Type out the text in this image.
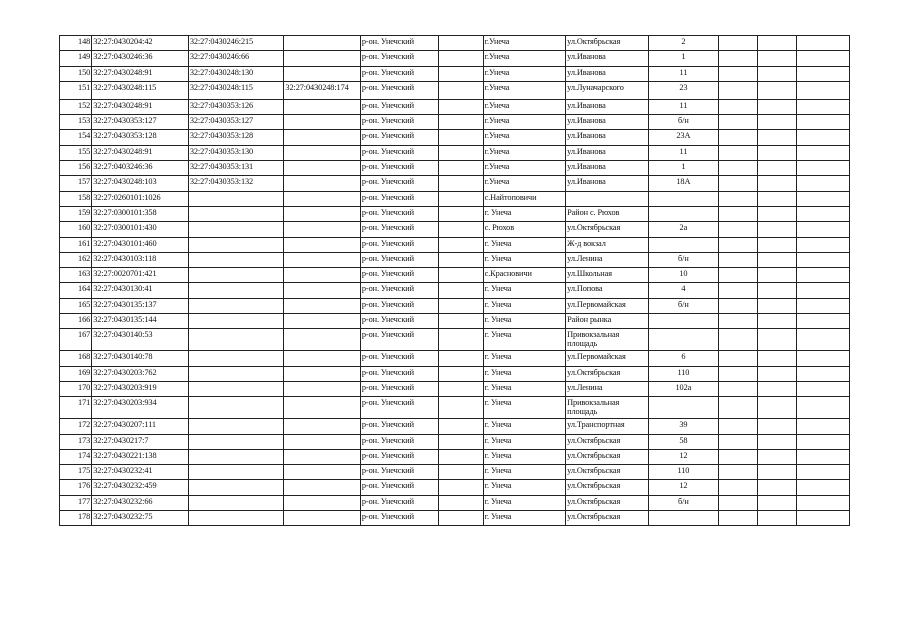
148	32:27:0430204:42	32:27:0430246:215		р-он. Унечский		г.Унеча	ул.Октябрьская	2			
149	32:27:0430246:36	32:27:0430246:66		р-он. Унечский		г.Унеча	ул.Иванова	1			
150	32:27:0430248:91	32:27:0430248:130		р-он. Унечский		г.Унеча	ул.Иванова	11			
151	32:27:0430248:115	32:27:0430248:115	32:27:0430248:174	р-он. Унечский		г.Унеча	ул.Луначарского	23			
152	32:27:0430248:91	32:27:0430353:126		р-он. Унечский		г.Унеча	ул.Иванова	11			
153	32:27:0430353:127	32:27:0430353:127		р-он. Унечский		г.Унеча	ул.Иванова	б/н			
154	32:27:0430353:128	32:27:0430353:128		р-он. Унечский		г.Унеча	ул.Иванова	23А			
155	32:27:0430248:91	32:27:0430353:130		р-он. Унечский		г.Унеча	ул.Иванова	11			
156	32:27:0403246:36	32:27:0430353:131		р-он. Унечский		г.Унеча	ул.Иванова	1			
157	32:27:0430248:103	32:27:0430353:132		р-он. Унечский		г.Унеча	ул.Иванова	18А			
158	32:27:0260101:1026			р-он. Унечский		с.Найтоповичи					
159	32:27:0300101:358			р-он. Унечский		г. Унеча	Район с. Рюхов				
160	32:27:0300101:430			р-он. Унечский		с. Рюхов	ул.Октябрьская	2а			
161	32:27:0430101:460			р-он. Унечский		г. Унеча	Ж-д вокзал				
162	32:27:0430103:118			р-он. Унечский		г. Унеча	ул.Ленина	б/н			
163	32:27:0020701:421			р-он. Унечский		с.Красновичи	ул.Школьная	10			
164	32:27:0430130:41			р-он. Унечский		г. Унеча	ул.Попова	4			
165	32:27:0430135:137			р-он. Унечский		г. Унеча	ул.Первомайская	б/н			
166	32:27:0430135:144			р-он. Унечский		г. Унеча	Район рынка				
167	32:27:0430140:53			р-он. Унечский		г. Унеча	Привокзальная площадь				
168	32:27:0430140:78			р-он. Унечский		г. Унеча	ул.Первомайская	6			
169	32:27:0430203:762			р-он. Унечский		г. Унеча	ул.Октябрьская	110			
170	32:27:0430203:919			р-он. Унечский		г. Унеча	ул.Ленина	102а			
171	32:27:0430203:934			р-он. Унечский		г. Унеча	Привокзальная площадь				
172	32:27:0430207:111			р-он. Унечский		г. Унеча	ул.Транспортная	39			
173	32:27:0430217:7			р-он. Унечский		г. Унеча	ул.Октябрьская	58			
174	32:27:0430221:138			р-он. Унечский		г. Унеча	ул.Октябрьская	12			
175	32:27:0430232:41			р-он. Унечский		г. Унеча	ул.Октябрьская	110			
176	32:27:0430232:459			р-он. Унечский		г. Унеча	ул.Октябрьская	12			
177	32:27:0430232:66			р-он. Унечский		г. Унеча	ул.Октябрьская	б/н			
178	32:27:0430232:75			р-он. Унечский		г. Унеча	ул.Октябрьская				
